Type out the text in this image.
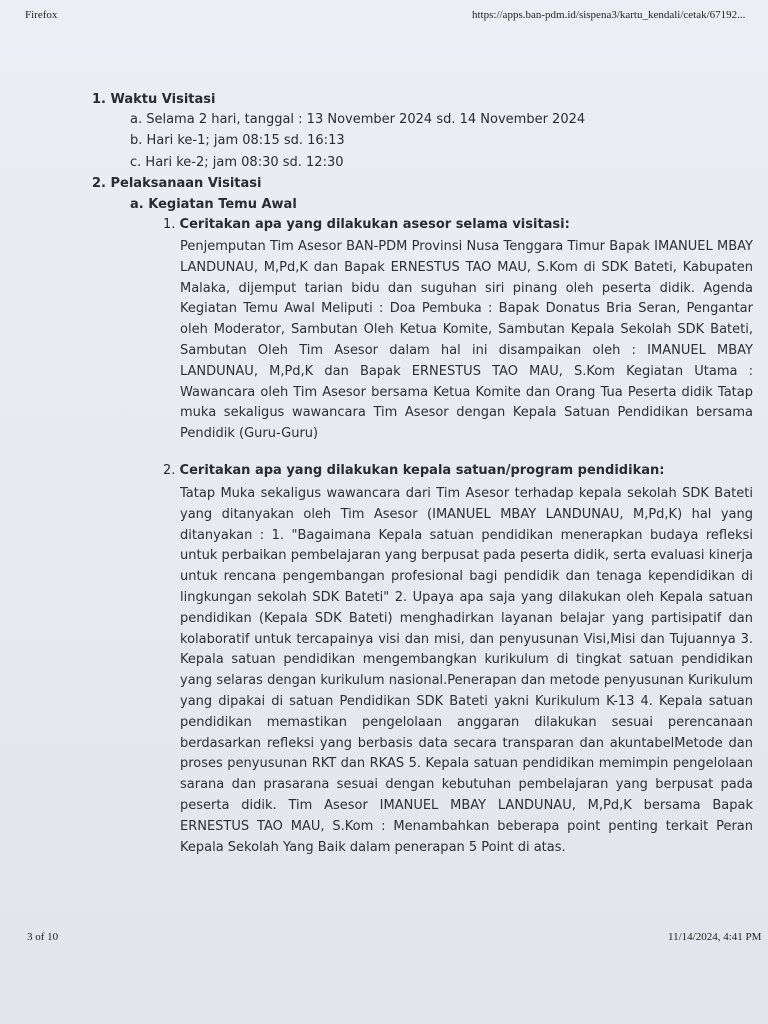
Firefox	https://apps.ban-pdm.id/sispena3/kartu_kendali/cetak/67192...
1. Waktu Visitasi
a. Selama 2 hari, tanggal : 13 November 2024 sd. 14 November 2024
b. Hari ke-1; jam 08:15 sd. 16:13
c. Hari ke-2; jam 08:30 sd. 12:30
2. Pelaksanaan Visitasi
a. Kegiatan Temu Awal
1. Ceritakan apa yang dilakukan asesor selama visitasi:
Penjemputan Tim Asesor BAN-PDM Provinsi Nusa Tenggara Timur Bapak IMANUEL MBAY LANDUNAU, M,Pd,K dan Bapak ERNESTUS TAO MAU, S.Kom di SDK Bateti, Kabupaten Malaka, dijemput tarian bidu dan suguhan siri pinang oleh peserta didik. Agenda Kegiatan Temu Awal Meliputi : Doa Pembuka : Bapak Donatus Bria Seran, Pengantar oleh Moderator, Sambutan Oleh Ketua Komite, Sambutan Kepala Sekolah SDK Bateti, Sambutan Oleh Tim Asesor dalam hal ini disampaikan oleh : IMANUEL MBAY LANDUNAU, M,Pd,K dan Bapak ERNESTUS TAO MAU, S.Kom Kegiatan Utama : Wawancara oleh Tim Asesor bersama Ketua Komite dan Orang Tua Peserta didik Tatap muka sekaligus wawancara Tim Asesor dengan Kepala Satuan Pendidikan bersama Pendidik (Guru-Guru)
2. Ceritakan apa yang dilakukan kepala satuan/program pendidikan:
Tatap Muka sekaligus wawancara dari Tim Asesor terhadap kepala sekolah SDK Bateti yang ditanyakan oleh Tim Asesor (IMANUEL MBAY LANDUNAU, M,Pd,K) hal yang ditanyakan : 1. "Bagaimana Kepala satuan pendidikan menerapkan budaya refleksi untuk perbaikan pembelajaran yang berpusat pada peserta didik, serta evaluasi kinerja untuk rencana pengembangan profesional bagi pendidik dan tenaga kependidikan di lingkungan sekolah SDK Bateti" 2. Upaya apa saja yang dilakukan oleh Kepala satuan pendidikan (Kepala SDK Bateti) menghadirkan layanan belajar yang partisipatif dan kolaboratif untuk tercapainya visi dan misi, dan penyusunan Visi,Misi dan Tujuannya 3. Kepala satuan pendidikan mengembangkan kurikulum di tingkat satuan pendidikan yang selaras dengan kurikulum nasional.Penerapan dan metode penyusunan Kurikulum yang dipakai di satuan Pendidikan SDK Bateti yakni Kurikulum K-13 4. Kepala satuan pendidikan memastikan pengelolaan anggaran dilakukan sesuai perencanaan berdasarkan refleksi yang berbasis data secara transparan dan akuntabelMetode dan proses penyusunan RKT dan RKAS 5. Kepala satuan pendidikan memimpin pengelolaan sarana dan prasarana sesuai dengan kebutuhan pembelajaran yang berpusat pada peserta didik. Tim Asesor IMANUEL MBAY LANDUNAU, M,Pd,K bersama Bapak ERNESTUS TAO MAU, S.Kom : Menambahkan beberapa point penting terkait Peran Kepala Sekolah Yang Baik dalam penerapan 5 Point di atas.
3 of 10	11/14/2024, 4:41 PM
